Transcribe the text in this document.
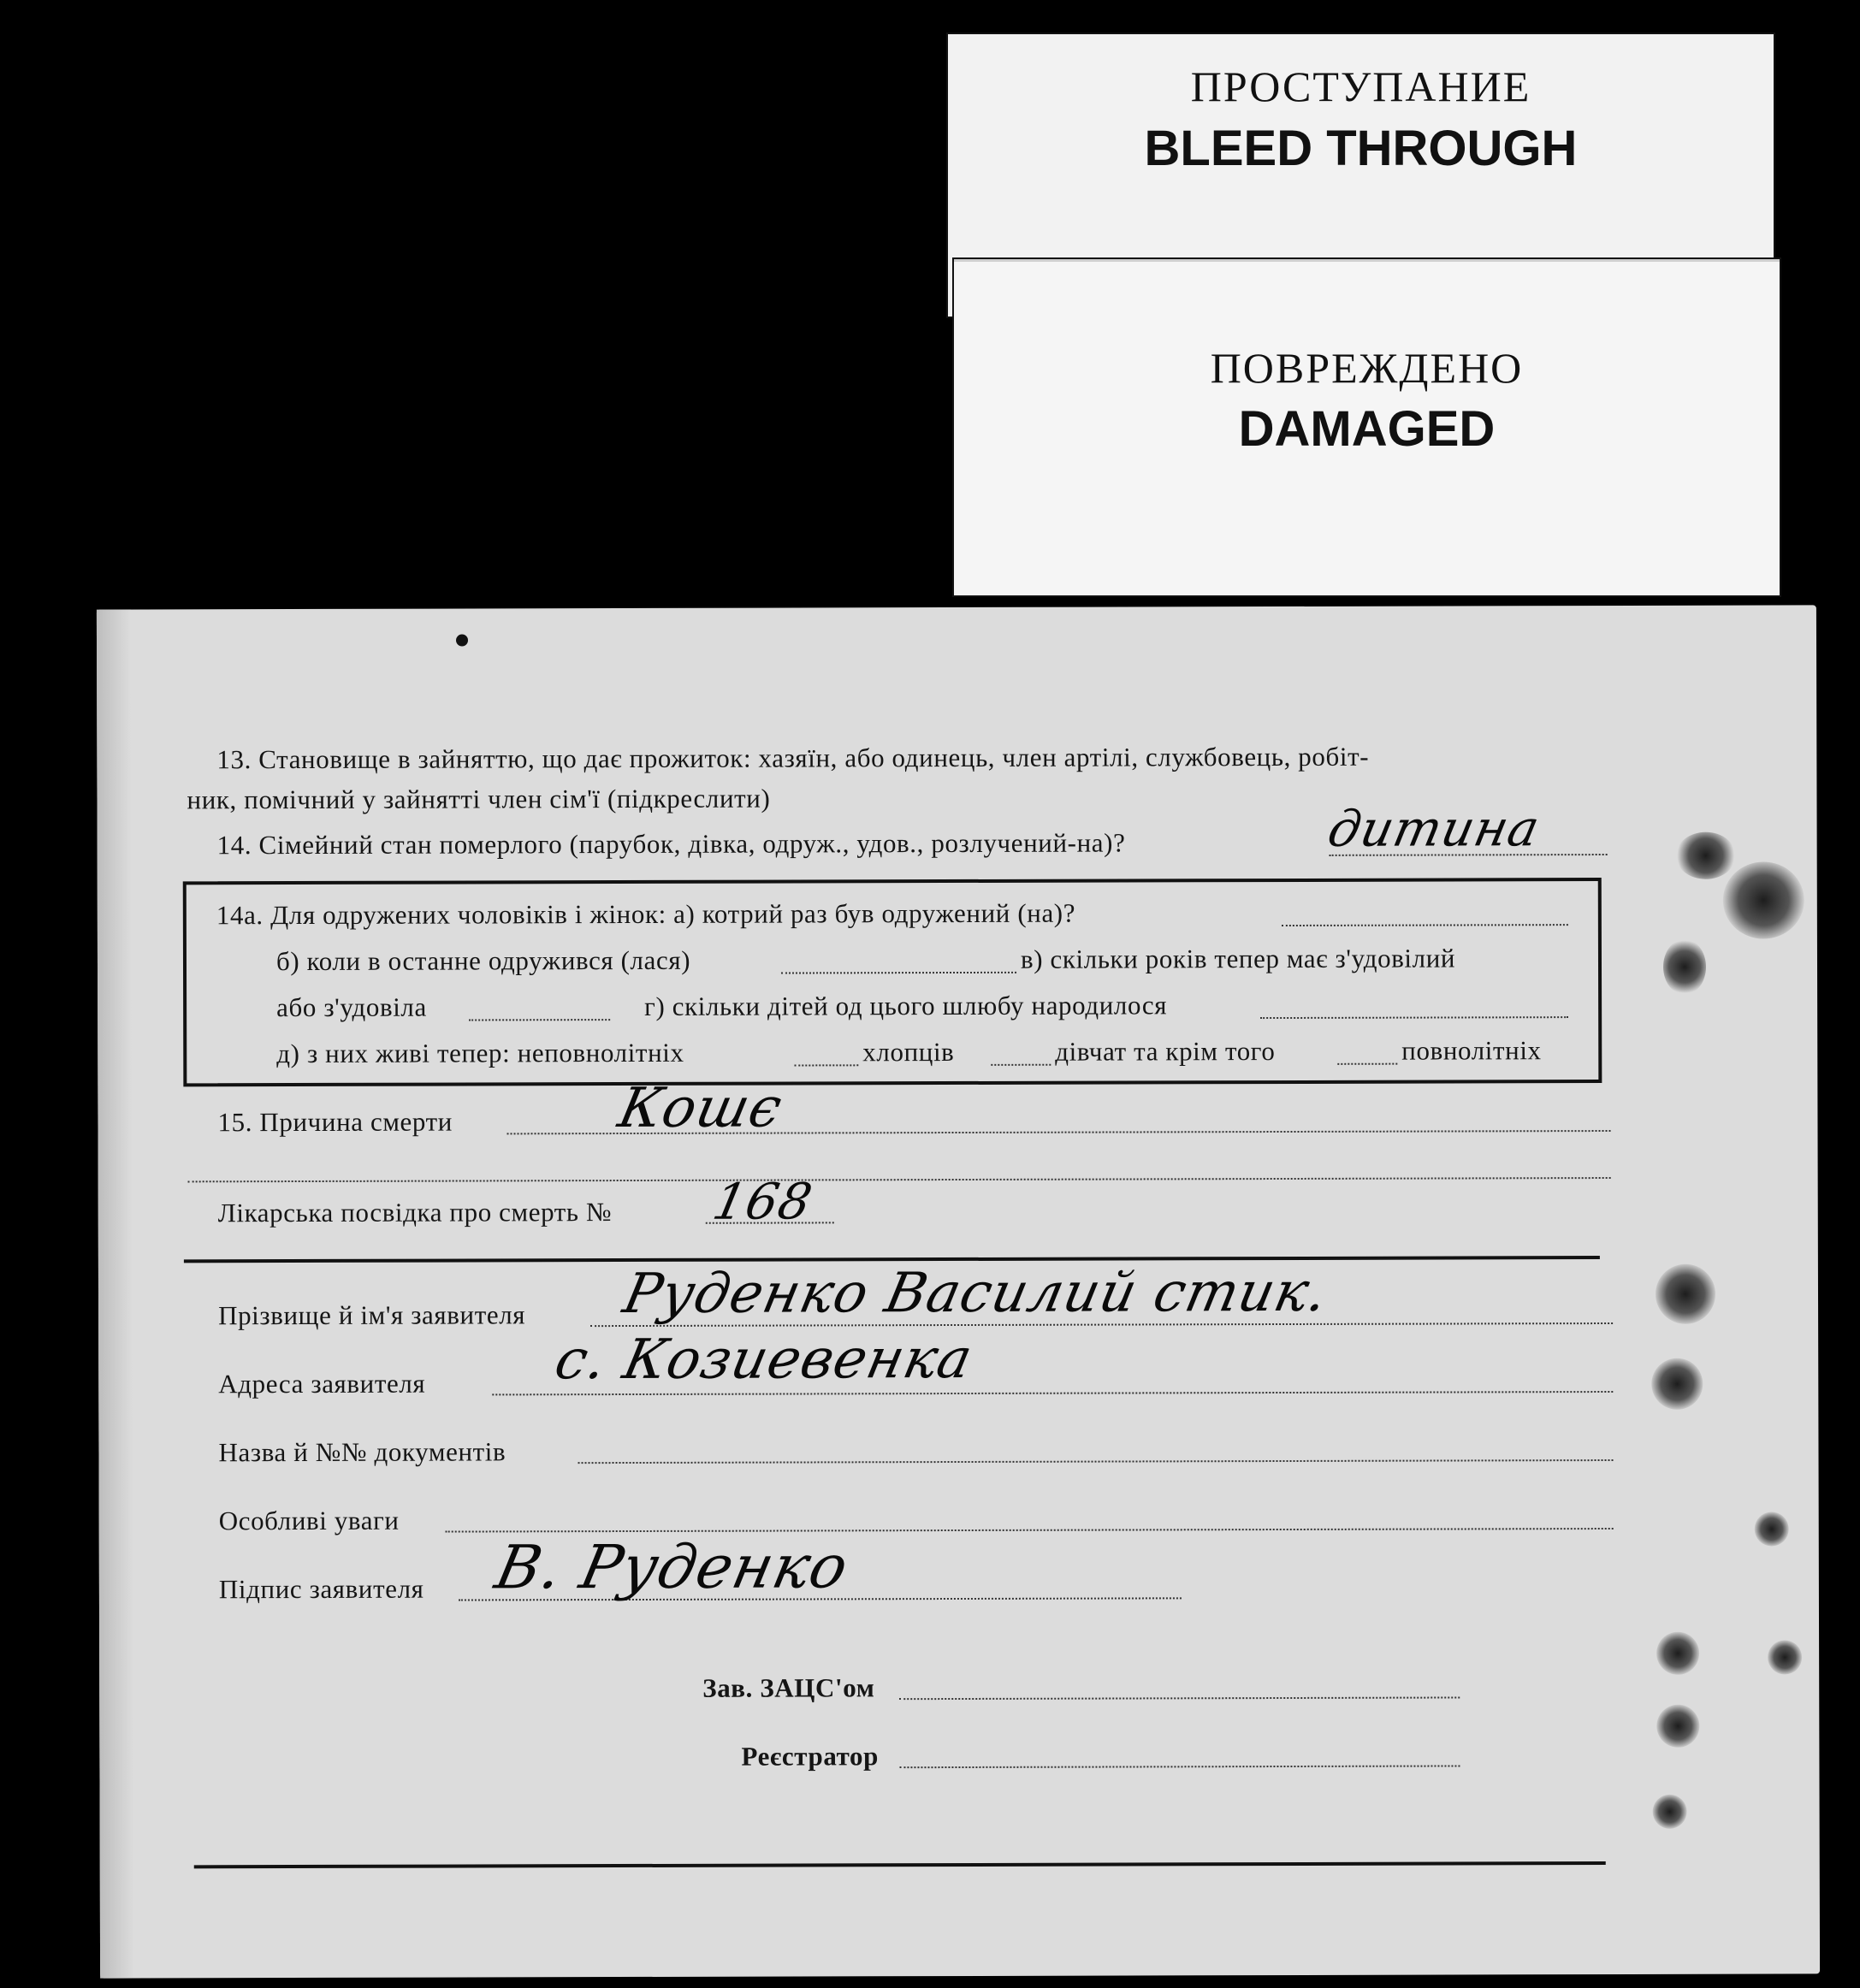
ПРОСТУПАНИЕ
BLEED THROUGH
ПОВРЕЖДЕНО
DAMAGED
13. Становище в зайняттю, що дає прожиток: хазяїн, або одинець, член артілі, службовець, робіт-
ник, помічний у зайнятті член сім'ї (підкреслити)
14. Сімейний стан померлого (парубок, дівка, одруж., удов., розлучений-на)?	дитина
14а. Для одружених чоловіків і жінок: а) котрий раз був одружений (на)?
б) коли в останне одружився (лася)	в) скільки років тепер має з'удовілий
або з'удовіла	г) скільки дітей од цього шлюбу народилося
д) з них живі тепер: неповнолітніх	хлопців	дівчат та крім того	повнолітніх
15. Причина смерти	Кошє
Лікарська посвідка про смерть № 168
Прізвище й ім'я заявителя Руденко Василий стик.
Адреса заявителя с. Козиевенка
Назва й №№ документів
Особливі уваги
Підпис заявителя В. Руденко
Зав. ЗАЦС'ом
Реєстратор
